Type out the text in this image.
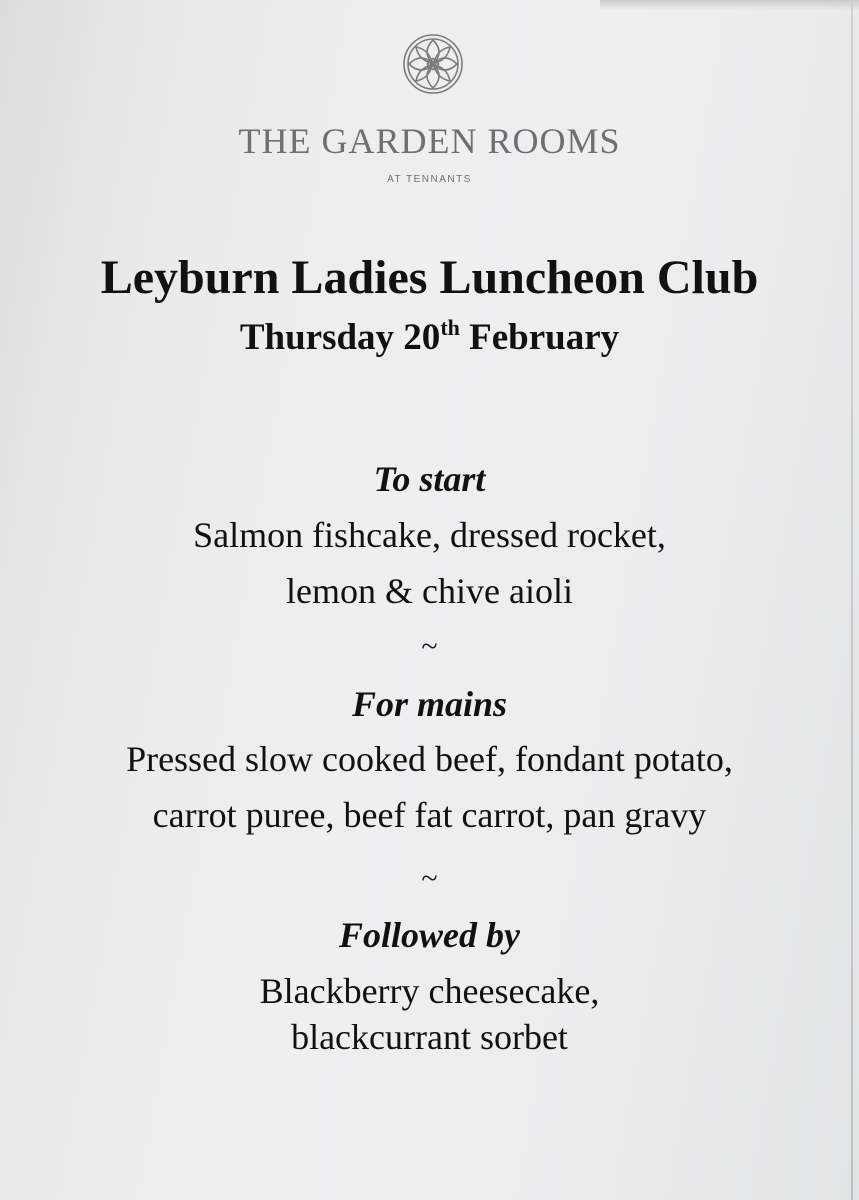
THE GARDEN ROOMS
AT TENNANTS
Leyburn Ladies Luncheon Club
Thursday 20th February
To start
Salmon fishcake, dressed rocket,
lemon & chive aioli
~
For mains
Pressed slow cooked beef, fondant potato,
carrot puree, beef fat carrot, pan gravy
~
Followed by
Blackberry cheesecake,
blackcurrant sorbet
